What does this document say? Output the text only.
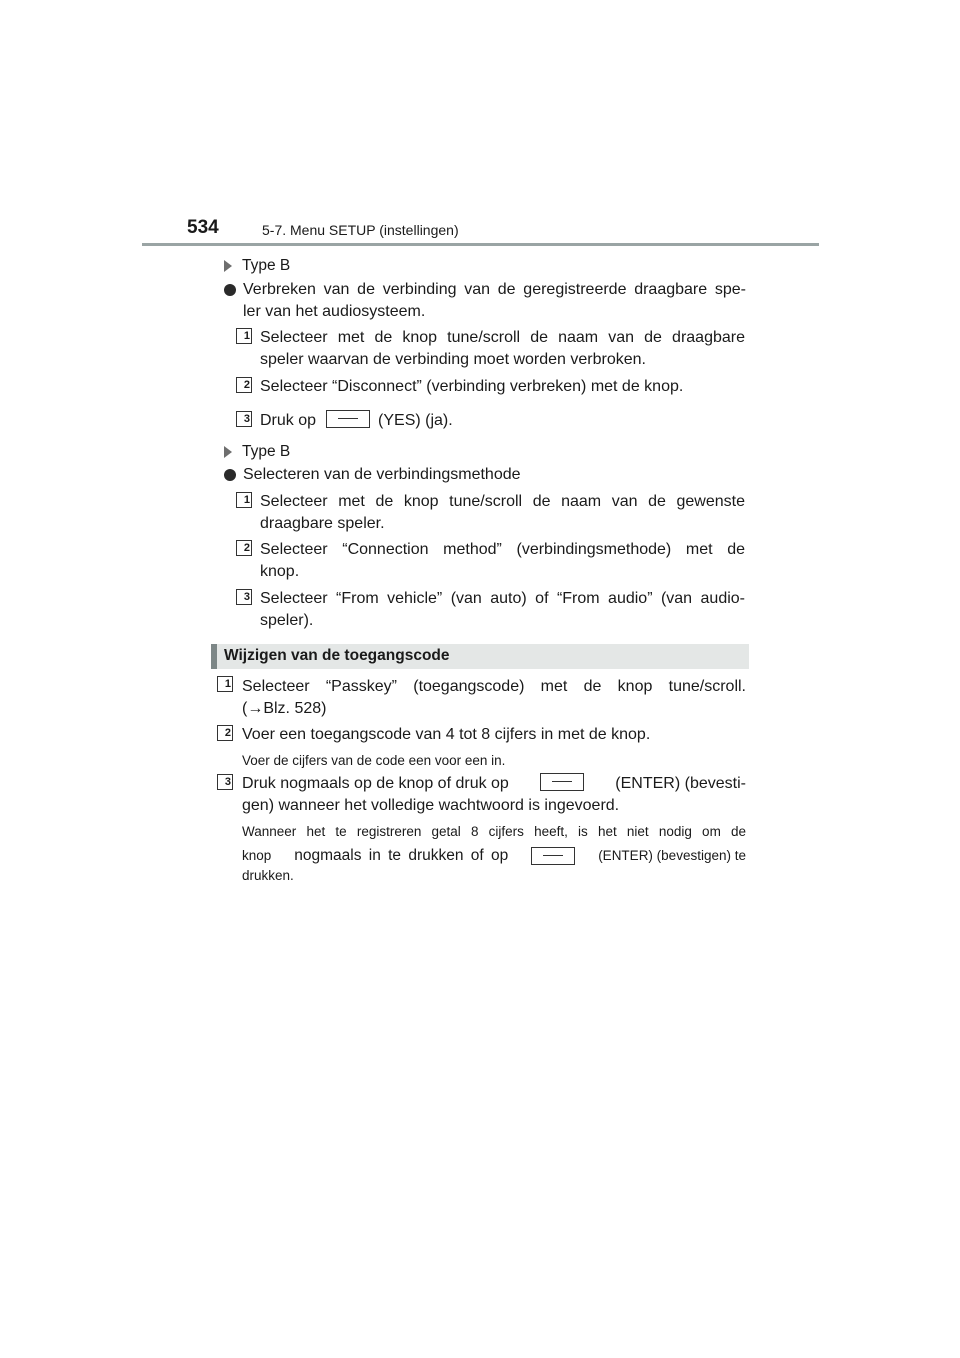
534	5-7. Menu SETUP (instellingen)
Type B
Verbreken van de verbinding van de geregistreerde draagbare spe-
ler van het audiosysteem.
1 Selecteer met de knop tune/scroll de naam van de draagbare
speler waarvan de verbinding moet worden verbroken.
2 Selecteer “Disconnect” (verbinding verbreken) met de knop.
3 Druk op	(YES) (ja).
Type B
Selecteren van de verbindingsmethode
1 Selecteer met de knop tune/scroll de naam van de gewenste
draagbare speler.
2 Selecteer “Connection method” (verbindingsmethode) met de
knop.
3 Selecteer “From vehicle” (van auto) of “From audio” (van audio-
speler).
Wijzigen van de toegangscode
1 Selecteer “Passkey” (toegangscode) met de knop tune/scroll.
(→Blz. 528)
2 Voer een toegangscode van 4 tot 8 cijfers in met de knop.
Voer de cijfers van de code een voor een in.
3 Druk nogmaals op de knop of druk op	(ENTER) (bevesti-
gen) wanneer het volledige wachtwoord is ingevoerd.
Wanneer het te registreren getal 8 cijfers heeft, is het niet nodig om de
knop nogmaals in te drukken of op	(ENTER) (bevestigen) te
drukken.
